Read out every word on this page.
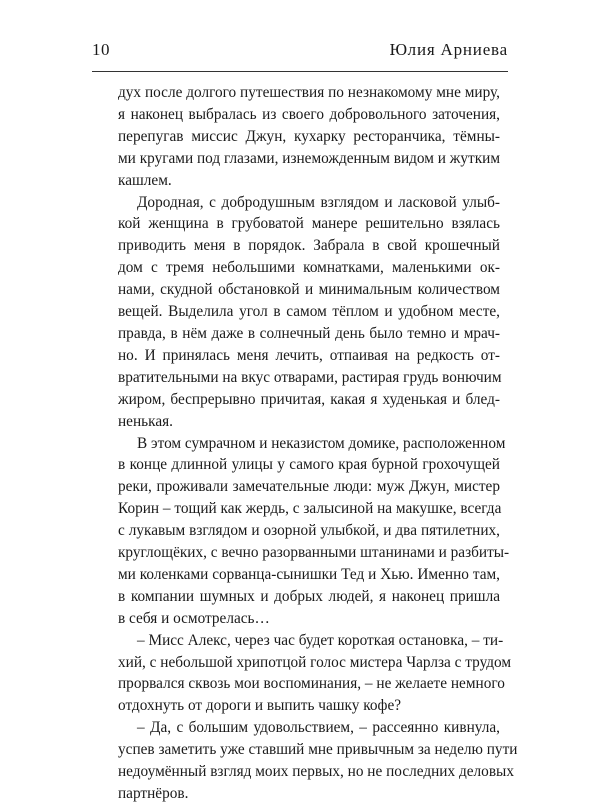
10	Юлия Арниева
дух после долгого путешествия по незнакомому мне миру,
я наконец выбралась из своего добровольного заточения,
перепугав миссис Джун, кухарку ресторанчика, тёмны-
ми кругами под глазами, изнеможденным видом и жутким
кашлем.
Дородная, с добродушным взглядом и ласковой улыб-
кой женщина в грубоватой манере решительно взялась
приводить меня в порядок. Забрала в свой крошечный
дом с тремя небольшими комнатками, маленькими ок-
нами, скудной обстановкой и минимальным количеством
вещей. Выделила угол в самом тёплом и удобном месте,
правда, в нём даже в солнечный день было темно и мрач-
но. И принялась меня лечить, отпаивая на редкость от-
вратительными на вкус отварами, растирая грудь вонючим
жиром, беспрерывно причитая, какая я худенькая и блед-
ненькая.
В этом сумрачном и неказистом домике, расположенном
в конце длинной улицы у самого края бурной грохочущей
реки, проживали замечательные люди: муж Джун, мистер
Корин – тощий как жердь, с залысиной на макушке, всегда
с лукавым взглядом и озорной улыбкой, и два пятилетних,
круглощёких, с вечно разорванными штанинами и разбиты-
ми коленками сорванца-сынишки Тед и Хью. Именно там,
в компании шумных и добрых людей, я наконец пришла
в себя и осмотрелась…
– Мисс Алекс, через час будет короткая остановка, – ти-
хий, с небольшой хрипотцой голос мистера Чарлза с трудом
прорвался сквозь мои воспоминания, – не желаете немного
отдохнуть от дороги и выпить чашку кофе?
– Да, с большим удовольствием, – рассеянно кивнула,
успев заметить уже ставший мне привычным за неделю пути
недоумённый взгляд моих первых, но не последних деловых
партнёров.
